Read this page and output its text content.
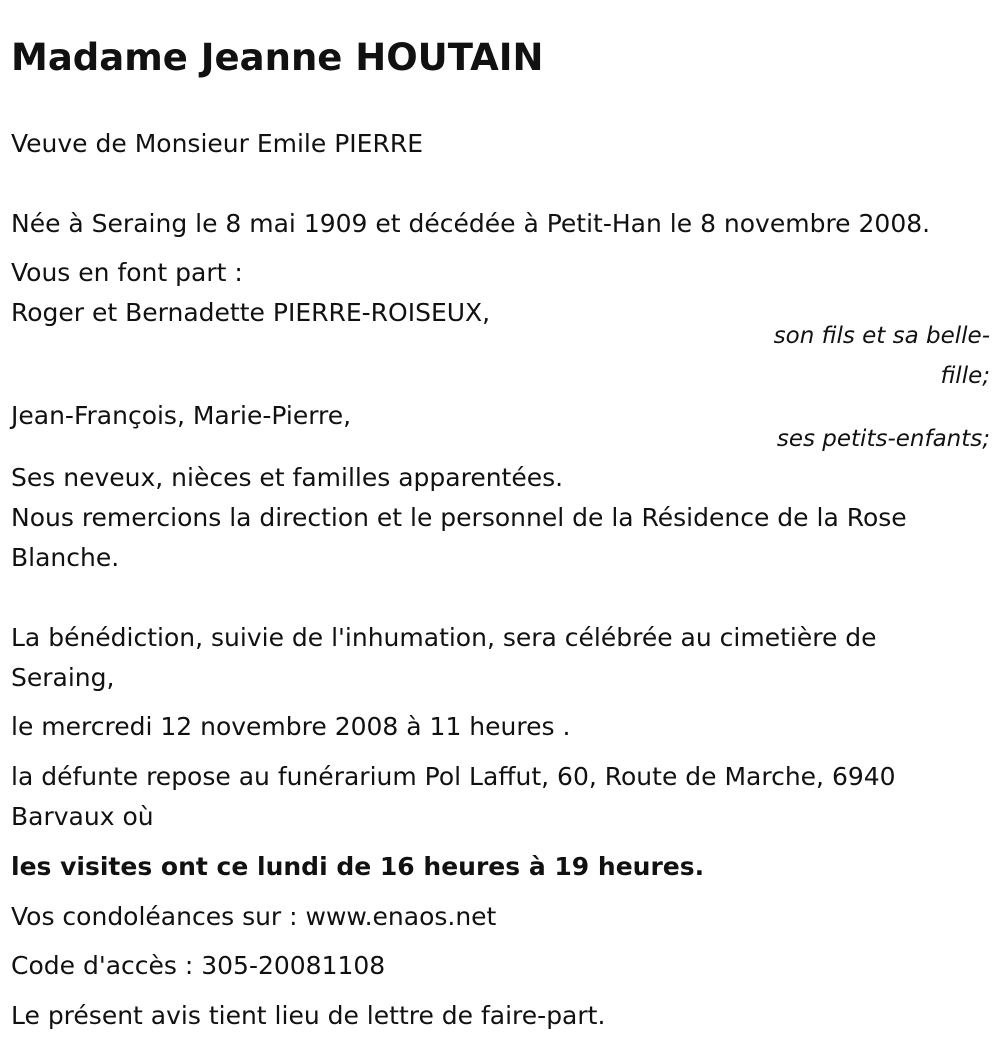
Madame Jeanne HOUTAIN
Veuve de Monsieur Emile PIERRE
Née à Seraing le 8 mai 1909 et décédée à Petit-Han le 8 novembre 2008.
Vous en font part :
Roger et Bernadette PIERRE-ROISEUX,
son fils et sa belle-
fille;
Jean-François, Marie-Pierre,
ses petits-enfants;
Ses neveux, nièces et familles apparentées.
Nous remercions la direction et le personnel de la Résidence de la Rose
Blanche.
La bénédiction, suivie de l'inhumation, sera célébrée au cimetière de
Seraing,
le mercredi 12 novembre 2008 à 11 heures .
la défunte repose au funérarium Pol Laffut, 60, Route de Marche, 6940
Barvaux où
les visites ont ce lundi de 16 heures à 19 heures.
Vos condoléances sur : www.enaos.net
Code d'accès : 305-20081108
Le présent avis tient lieu de lettre de faire-part.
